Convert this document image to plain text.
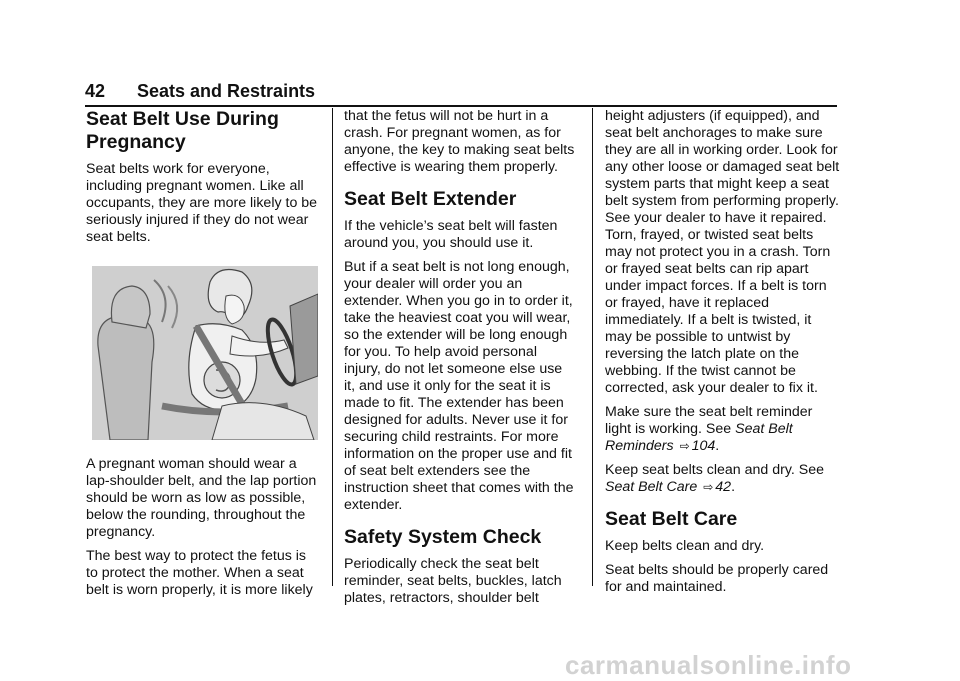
42 Seats and Restraints
Seat Belt Use During Pregnancy

Seat belts work for everyone, including pregnant women. Like all occupants, they are more likely to be seriously injured if they do not wear seat belts.

A pregnant woman should wear a lap-shoulder belt, and the lap portion should be worn as low as possible, below the rounding, throughout the pregnancy.

The best way to protect the fetus is to protect the mother. When a seat belt is worn properly, it is more likely

that the fetus will not be hurt in a crash. For pregnant women, as for anyone, the key to making seat belts effective is wearing them properly.

Seat Belt Extender

If the vehicle’s seat belt will fasten around you, you should use it.

But if a seat belt is not long enough, your dealer will order you an extender. When you go in to order it, take the heaviest coat you will wear, so the extender will be long enough for you. To help avoid personal injury, do not let someone else use it, and use it only for the seat it is made to fit. The extender has been designed for adults. Never use it for securing child restraints. For more information on the proper use and fit of seat belt extenders see the instruction sheet that comes with the extender.

Safety System Check

Periodically check the seat belt reminder, seat belts, buckles, latch plates, retractors, shoulder belt

height adjusters (if equipped), and seat belt anchorages to make sure they are all in working order. Look for any other loose or damaged seat belt system parts that might keep a seat belt system from performing properly. See your dealer to have it repaired. Torn, frayed, or twisted seat belts may not protect you in a crash. Torn or frayed seat belts can rip apart under impact forces. If a belt is torn or frayed, have it replaced immediately. If a belt is twisted, it may be possible to untwist by reversing the latch plate on the webbing. If the twist cannot be corrected, ask your dealer to fix it.

Make sure the seat belt reminder light is working. See Seat Belt Reminders ⇨ 104.

Keep seat belts clean and dry. See Seat Belt Care ⇨ 42.

Seat Belt Care

Keep belts clean and dry.

Seat belts should be properly cared for and maintained.

carmanualsonline.info
